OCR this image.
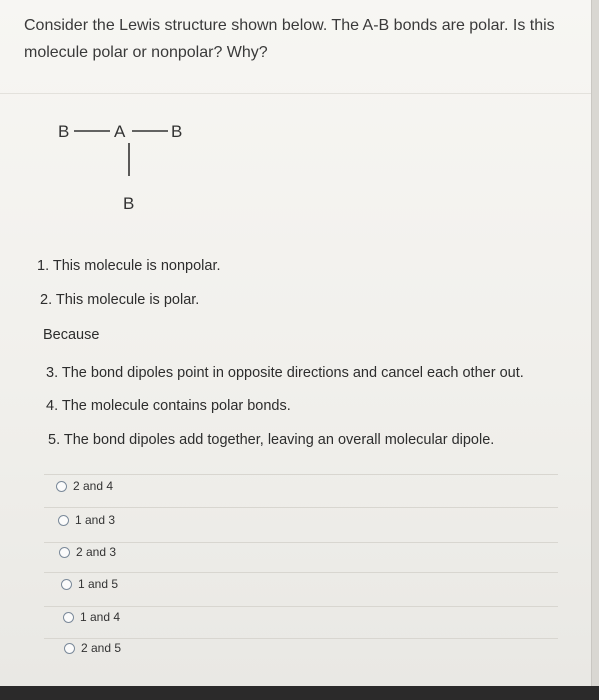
Consider the Lewis structure shown below. The A-B bonds are polar. Is this molecule polar or nonpolar? Why?

B	A	B
B
1. This molecule is nonpolar.
2. This molecule is polar.
Because
3. The bond dipoles point in opposite directions and cancel each other out.
4. The molecule contains polar bonds.
5. The bond dipoles add together, leaving an overall molecular dipole.
2 and 4
1 and 3
2 and 3
1 and 5
1 and 4
2 and 5
